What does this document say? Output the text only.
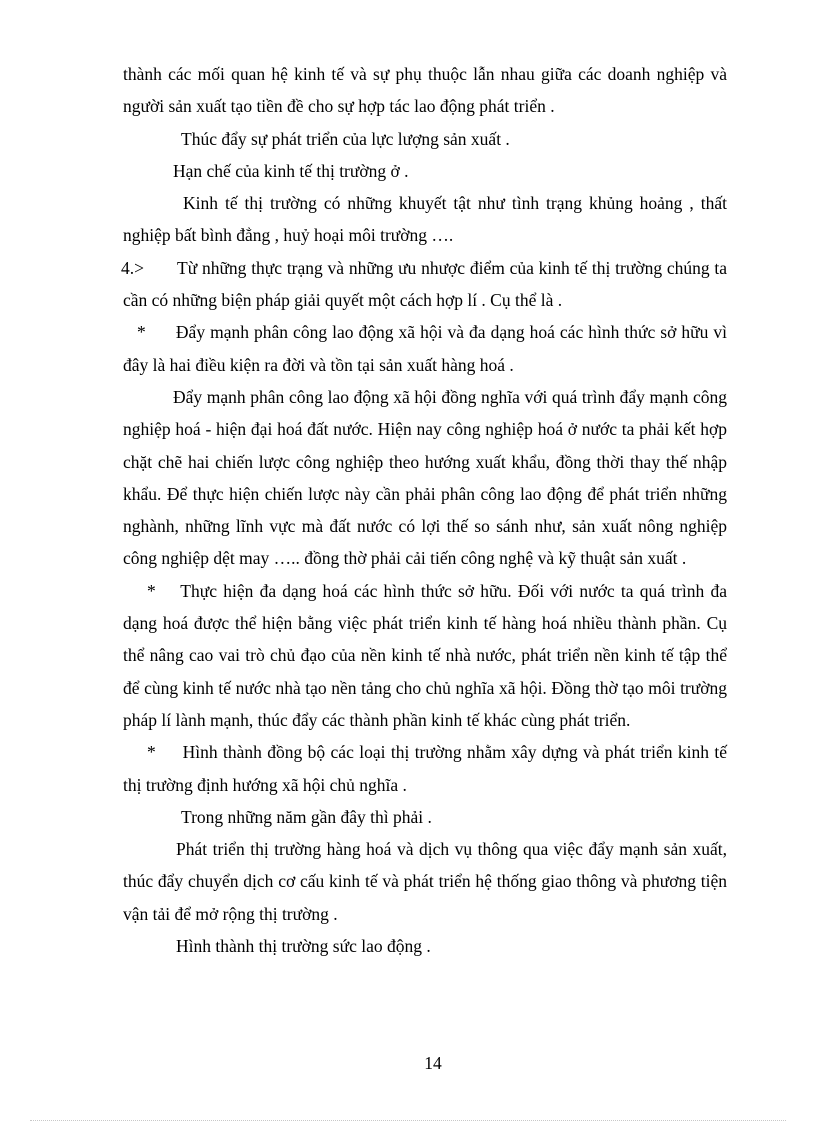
thành các mối quan hệ kinh tế và sự phụ thuộc lẫn nhau giữa các doanh nghiệp và người sản xuất tạo tiền đề cho sự hợp tác lao động phát triển .

Thúc đẩy sự phát triển của lực lượng sản xuất .

Hạn chế của kinh tế thị trường ở .

Kinh tế thị trường có những khuyết tật như tình trạng khủng hoảng , thất nghiệp bất bình đẳng , huỷ hoại môi trường ….

4.>       Từ những thực trạng và những ưu nhược điểm của kinh tế thị trường chúng ta cần có những biện pháp giải quyết một cách hợp lí . Cụ thể là .

*      Đẩy mạnh phân công lao động xã hội và đa dạng hoá các hình thức sở hữu vì đây là hai điều kiện ra đời và tồn tại sản xuất hàng hoá .

Đẩy mạnh phân công lao động xã hội đồng nghĩa với quá trình đẩy mạnh công nghiệp hoá - hiện đại hoá đất nước. Hiện nay công nghiệp hoá ở nước ta phải kết hợp chặt chẽ hai chiến lược công nghiệp theo hướng xuất khẩu, đồng thời thay thế nhập khẩu. Để thực hiện chiến lược này cần phải phân công lao động để phát triển những nghành, những lĩnh vực mà đất nước có lợi thế so sánh như, sản xuất nông nghiệp công nghiệp dệt may ….. đồng thờ phải cải tiến công nghệ và kỹ thuật sản xuất .

*    Thực hiện đa dạng hoá các hình thức sở hữu. Đối với nước ta quá trình đa dạng hoá được thể hiện bằng việc phát triển kinh tế hàng hoá nhiều thành phần. Cụ thể nâng cao vai trò chủ đạo của nền kinh tế nhà nước, phát triển nền kinh tế tập thể để cùng kinh tế nước nhà tạo nền tảng cho chủ nghĩa xã hội. Đồng thờ tạo môi trường pháp lí lành mạnh, thúc đẩy các thành phần kinh tế khác cùng phát triển.

*     Hình thành đồng bộ các loại thị trường nhằm xây dựng và phát triển kinh tế thị trường định hướng xã hội chủ nghĩa .

Trong những năm gần đây thì phải .

Phát triển thị trường hàng hoá và dịch vụ thông qua việc đẩy mạnh sản xuất, thúc đẩy chuyển dịch cơ cấu kinh tế và phát triển hệ thống giao thông và phương tiện vận tải để mở rộng thị trường .

Hình thành thị trường sức lao động .

14
